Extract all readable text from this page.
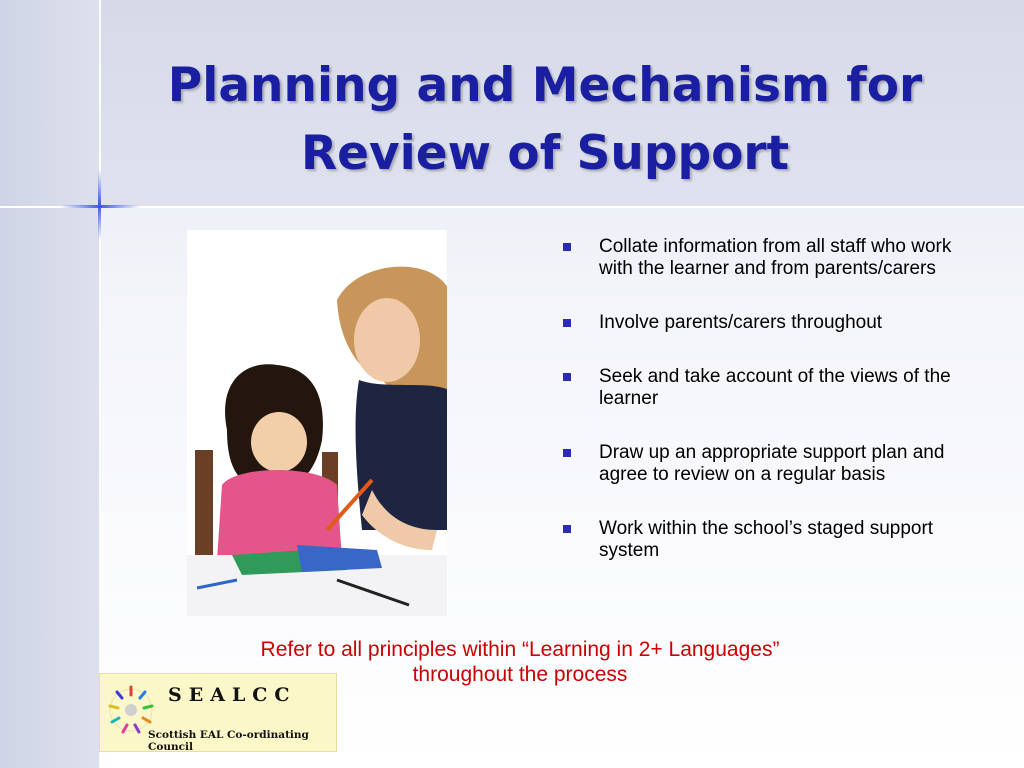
Planning and Mechanism for
Review of Support
Collate information from all staff who work with the learner and from parents/carers
Involve parents/carers throughout
Seek and take account of the views of the learner
Draw up an appropriate support plan and agree to review on a regular basis
Work within the school’s staged support system
Refer to all principles within “Learning in 2+ Languages”
throughout the process
SEALCC
Scottish EAL Co-ordinating Council
